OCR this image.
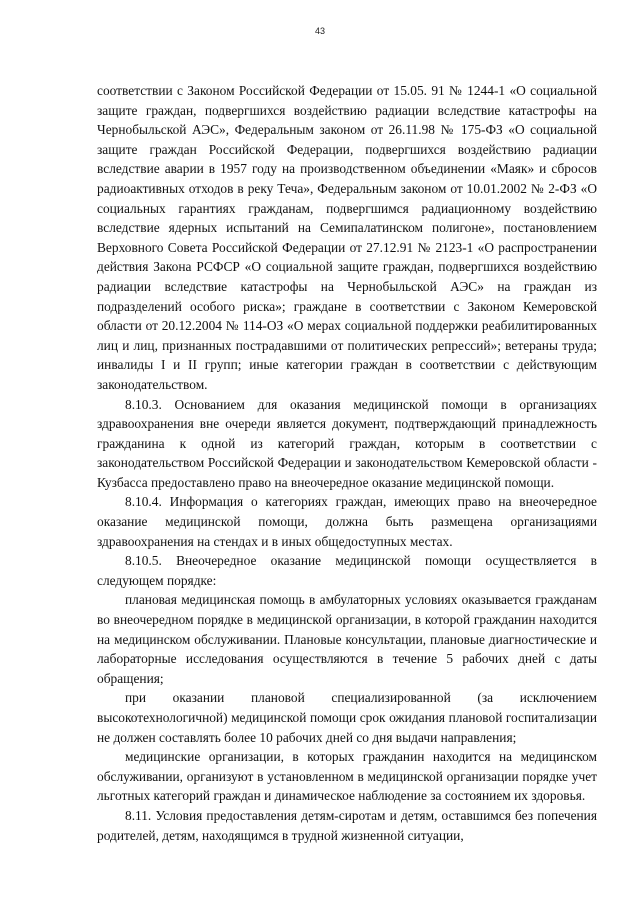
43

соответствии с Законом Российской Федерации от 15.05. 91 № 1244-1 «О социальной защите граждан, подвергшихся воздействию радиации вследствие катастрофы на Чернобыльской АЭС», Федеральным законом от 26.11.98 № 175-ФЗ «О социальной защите граждан Российской Федерации, подвергшихся воздействию радиации вследствие аварии в 1957 году на производственном объединении «Маяк» и сбросов радиоактивных отходов в реку Теча», Федеральным законом от 10.01.2002 № 2-ФЗ «О социальных гарантиях гражданам, подвергшимся радиационному воздействию вследствие ядерных испытаний на Семипалатинском полигоне», постановлением Верховного Совета Российской Федерации от 27.12.91 № 2123-1 «О распространении действия Закона РСФСР «О социальной защите граждан, подвергшихся воздействию радиации вследствие катастрофы на Чернобыльской АЭС» на граждан из подразделений особого риска»; граждане в соответствии с Законом Кемеровской области от 20.12.2004 № 114-ОЗ «О мерах социальной поддержки реабилитированных лиц и лиц, признанных пострадавшими от политических репрессий»; ветераны труда; инвалиды I и II групп; иные категории граждан в соответствии с действующим законодательством.

8.10.3. Основанием для оказания медицинской помощи в организациях здравоохранения вне очереди является документ, подтверждающий принадлежность гражданина к одной из категорий граждан, которым в соответствии с законодательством Российской Федерации и законодательством Кемеровской области - Кузбасса предоставлено право на внеочередное оказание медицинской помощи.

8.10.4. Информация о категориях граждан, имеющих право на внеочередное оказание медицинской помощи, должна быть размещена организациями здравоохранения на стендах и в иных общедоступных местах.

8.10.5. Внеочередное оказание медицинской помощи осуществляется в следующем порядке:

плановая медицинская помощь в амбулаторных условиях оказывается гражданам во внеочередном порядке в медицинской организации, в которой гражданин находится на медицинском обслуживании. Плановые консультации, плановые диагностические и лабораторные исследования осуществляются в течение 5 рабочих дней с даты обращения;

при оказании плановой специализированной (за исключением высокотехнологичной) медицинской помощи срок ожидания плановой госпитализации не должен составлять более 10 рабочих дней со дня выдачи направления;

медицинские организации, в которых гражданин находится на медицинском обслуживании, организуют в установленном в медицинской организации порядке учет льготных категорий граждан и динамическое наблюдение за состоянием их здоровья.

8.11. Условия предоставления детям-сиротам и детям, оставшимся без попечения родителей, детям, находящимся в трудной жизненной ситуации,
